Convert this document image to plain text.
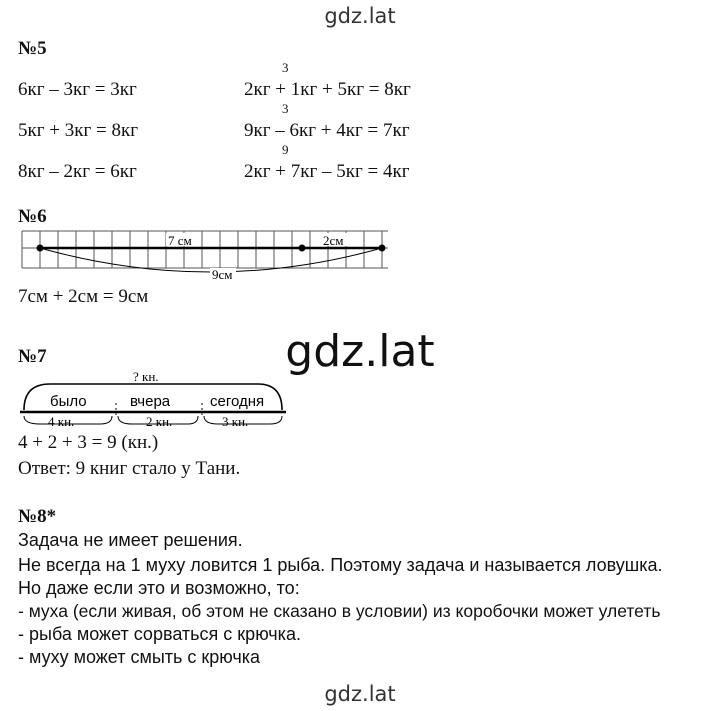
gdz.lat
gdz.lat
gdz.lat
№5
6кг – 3кг = 3кг
5кг + 3кг = 8кг
8кг – 2кг = 6кг
3
2кг + 1кг + 5кг = 8кг
3
9кг – 6кг + 4кг = 7кг
9
2кг + 7кг – 5кг = 4кг
№6
7 см	2см
9см
? кн.
было	вчера	сегодня
4 кн.	2 кн.	3 кн.
7см + 2см = 9см
№7
4 + 2 + 3 = 9 (кн.)
Ответ: 9 книг стало у Тани.
№8*
Задача не имеет решения.
Не всегда на 1 муху ловится 1 рыба. Поэтому задача и называется ловушка.
Но даже если это и возможно, то:
- муха (если живая, об этом не сказано в условии) из коробочки может улететь
- рыба может сорваться с крючка.
- муху может смыть с крючка
